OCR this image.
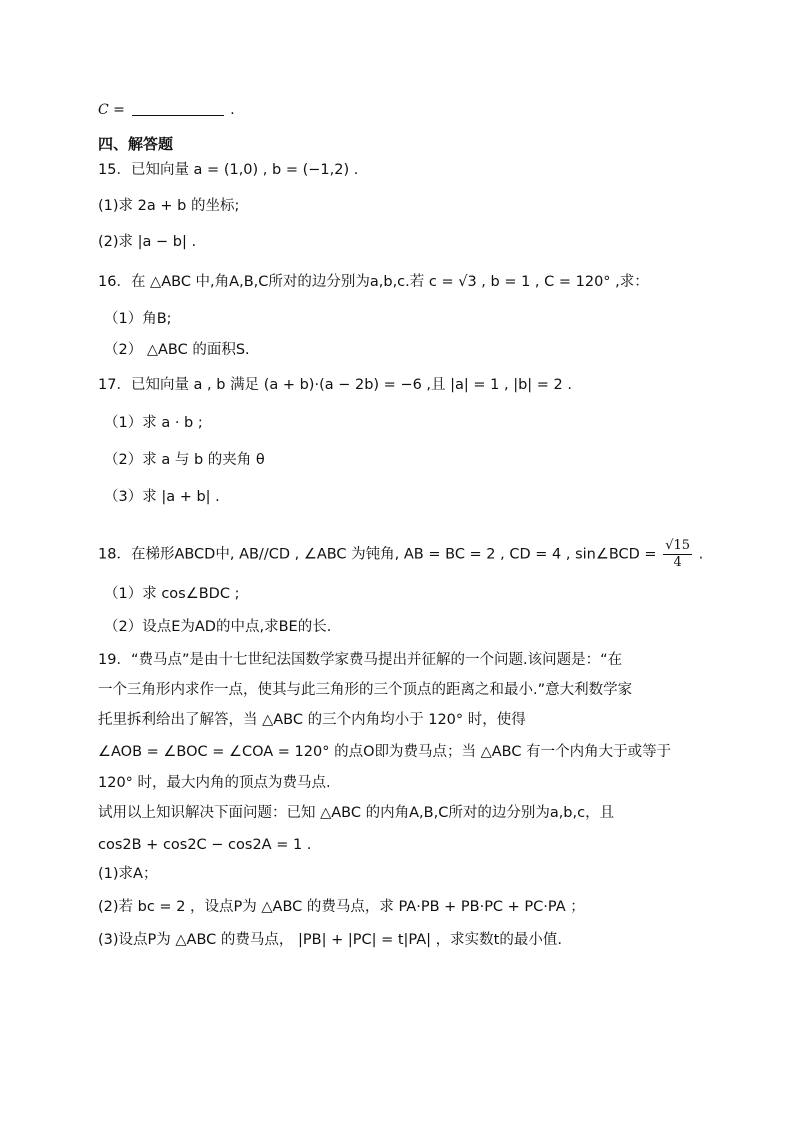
C =	.
四、解答题
15．已知向量 a = (1,0) , b = (−1,2) .
(1)求 2a + b 的坐标;
(2)求 |a − b| .
16．在 △ABC 中,角A,B,C所对的边分别为a,b,c.若 c = √3 , b = 1 , C = 120° ,求：
（1）角B;
（2） △ABC 的面积S.
17．已知向量 a , b 满足 (a + b)·(a − 2b) = −6 ,且 |a| = 1 , |b| = 2 .
（1）求 a · b ;
（2）求 a 与 b 的夹角 θ
（3）求 |a + b| .
18．在梯形ABCD中, AB//CD , ∠ABC 为钝角, AB = BC = 2 , CD = 4 , sin∠BCD = $\frac{√15}{4}$ .
（1）求 cos∠BDC ;
（2）设点E为AD的中点,求BE的长.
19．“费马点”是由十七世纪法国数学家费马提出并征解的一个问题.该问题是：“在
一个三角形内求作一点，使其与此三角形的三个顶点的距离之和最小.”意大利数学家
托里拆利给出了解答，当 △ABC 的三个内角均小于 120° 时，使得
∠AOB = ∠BOC = ∠COA = 120° 的点O即为费马点；当 △ABC 有一个内角大于或等于
120° 时，最大内角的顶点为费马点.
试用以上知识解决下面问题：已知 △ABC 的内角A,B,C所对的边分别为a,b,c，且
cos2B + cos2C − cos2A = 1 .
(1)求A；
(2)若 bc = 2 ，设点P为 △ABC 的费马点，求 PA·PB + PB·PC + PC·PA ；
(3)设点P为 △ABC 的费马点， |PB| + |PC| = t|PA| ，求实数t的最小值.
